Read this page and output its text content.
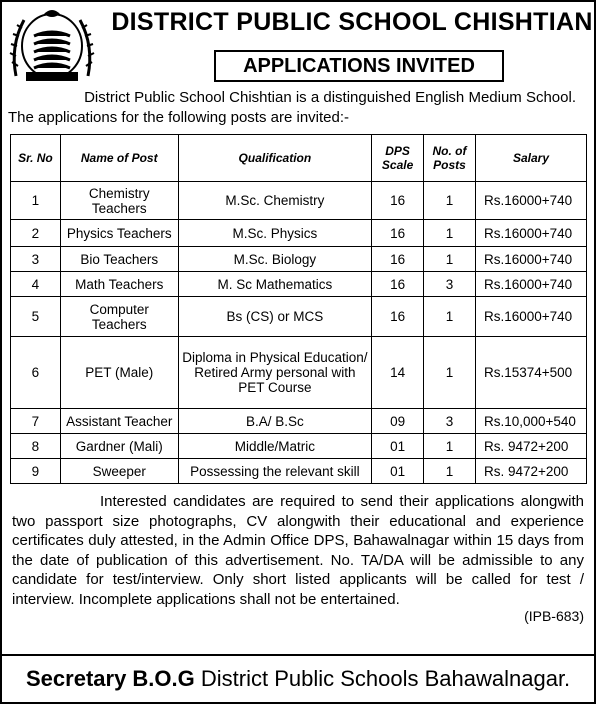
DISTRICT PUBLIC SCHOOL CHISHTIAN
APPLICATIONS INVITED
District Public School Chishtian is a distinguished English Medium School.
The applications for the following posts are invited:-
Sr. No	Name of Post	Qualification	DPS Scale	No. of Posts	Salary
1	Chemistry Teachers	M.Sc. Chemistry	16	1	Rs.16000+740
2	Physics Teachers	M.Sc. Physics	16	1	Rs.16000+740
3	Bio Teachers	M.Sc. Biology	16	1	Rs.16000+740
4	Math Teachers	M. Sc Mathematics	16	3	Rs.16000+740
5	Computer Teachers	Bs (CS) or MCS	16	1	Rs.16000+740
6	PET (Male)	Diploma in Physical Education/ Retired Army personal with PET Course	14	1	Rs.15374+500
7	Assistant Teacher	B.A/ B.Sc	09	3	Rs.10,000+540
8	Gardner (Mali)	Middle/Matric	01	1	Rs. 9472+200
9	Sweeper	Possessing the relevant skill	01	1	Rs. 9472+200
Interested candidates are required to send their applications alongwith two passport size photographs, CV alongwith their educational and experience certificates duly attested, in the Admin Office DPS, Bahawalnagar within 15 days from the date of publication of this advertisement. No. TA/DA will be admissible to any candidate for test/interview. Only short listed applicants will be called for test / interview. Incomplete applications shall not be entertained.
(IPB-683)
Secretary B.O.G District Public Schools Bahawalnagar.
